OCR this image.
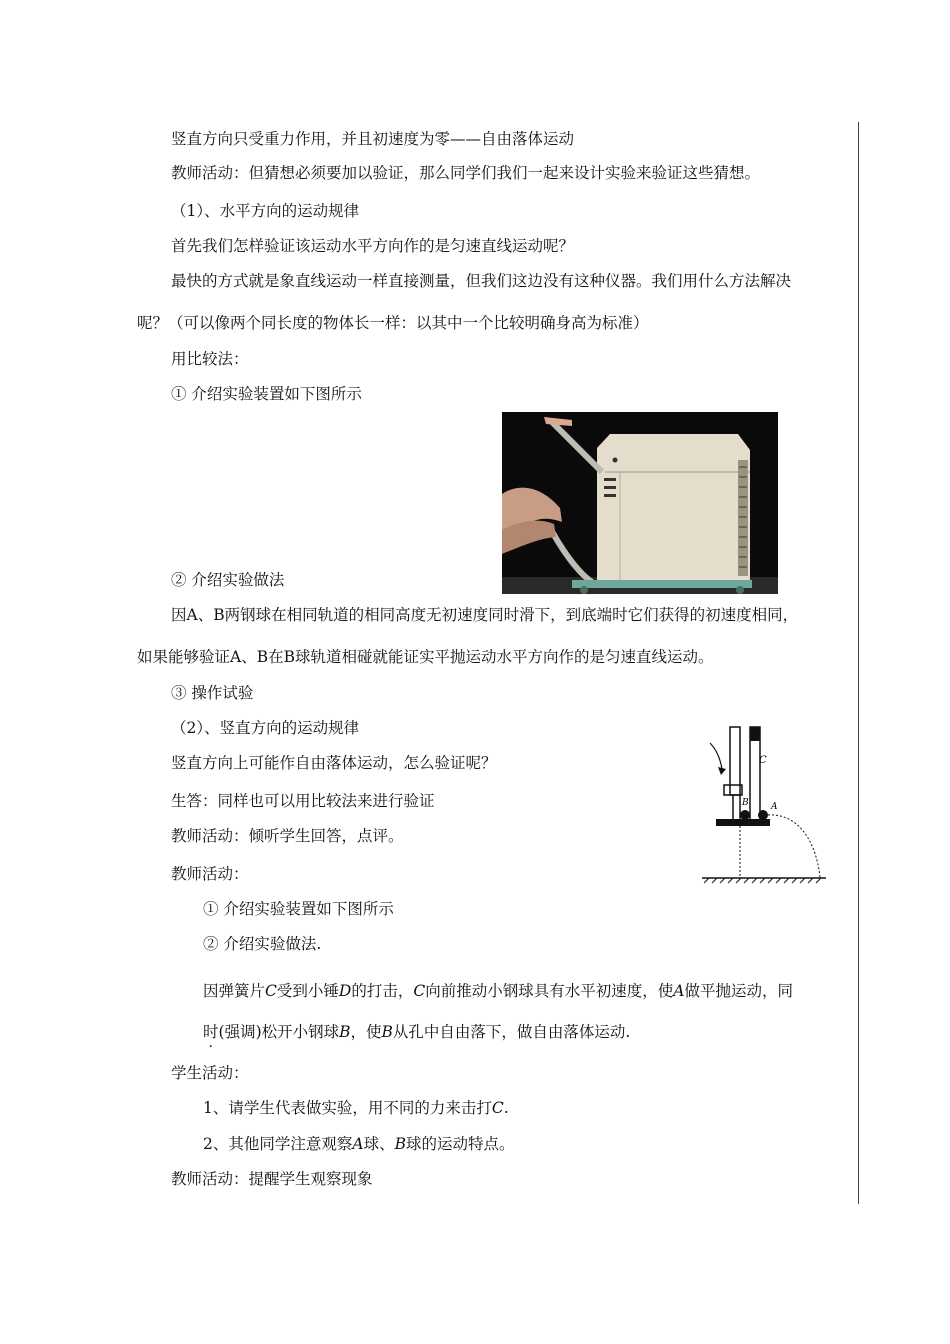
竖直方向只受重力作用，并且初速度为零——自由落体运动
教师活动：但猜想必须要加以验证，那么同学们我们一起来设计实验来验证这些猜想。
（1）、水平方向的运动规律
首先我们怎样验证该运动水平方向作的是匀速直线运动呢？
最快的方式就是象直线运动一样直接测量，但我们这边没有这种仪器。我们用什么方法解决
呢？（可以像两个同长度的物体长一样：以其中一个比较明确身高为标准）
用比较法：
① 介绍实验装置如下图所示
② 介绍实验做法
因A、B两钢球在相同轨道的相同高度无初速度同时滑下，到底端时它们获得的初速度相同，
如果能够验证A、B在B球轨道相碰就能证实平抛运动水平方向作的是匀速直线运动。
③ 操作试验
（2）、竖直方向的运动规律
竖直方向上可能作自由落体运动，怎么验证呢？
生答：同样也可以用比较法来进行验证
教师活动：倾听学生回答，点评。
教师活动：
C
B A
① 介绍实验装置如下图所示
② 介绍实验做法.
因弹簧片C受到小锤D的打击，C向前推动小钢球具有水平初速度，使A做平抛运动，同
时(强调)松开小钢球B，使B从孔中自由落下，做自由落体运动.
学生活动：
1、请学生代表做实验，用不同的力来击打C.
2、其他同学注意观察A球、B球的运动特点。
教师活动：提醒学生观察现象
